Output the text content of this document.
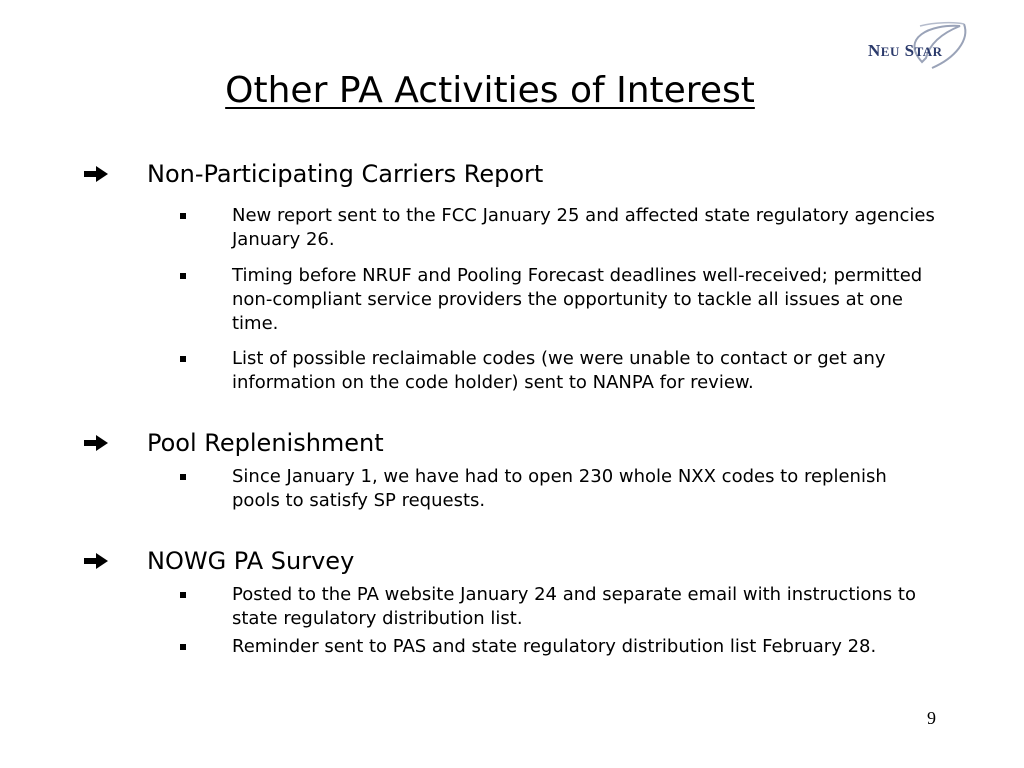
NEU STAR
Other PA Activities of Interest
Non-Participating Carriers Report
New report sent to the FCC January 25 and affected state regulatory agencies January 26.
Timing before NRUF and Pooling Forecast deadlines well-received; permitted non-compliant service providers the opportunity to tackle all issues at one time.
List of possible reclaimable codes (we were unable to contact or get any information on the code holder) sent to NANPA for review.
Pool Replenishment
Since January 1, we have had to open 230 whole NXX codes to replenish pools to satisfy SP requests.
NOWG PA Survey
Posted to the PA website January 24 and separate email with instructions to state regulatory distribution list.
Reminder sent to PAS and state regulatory distribution list February 28.
9
